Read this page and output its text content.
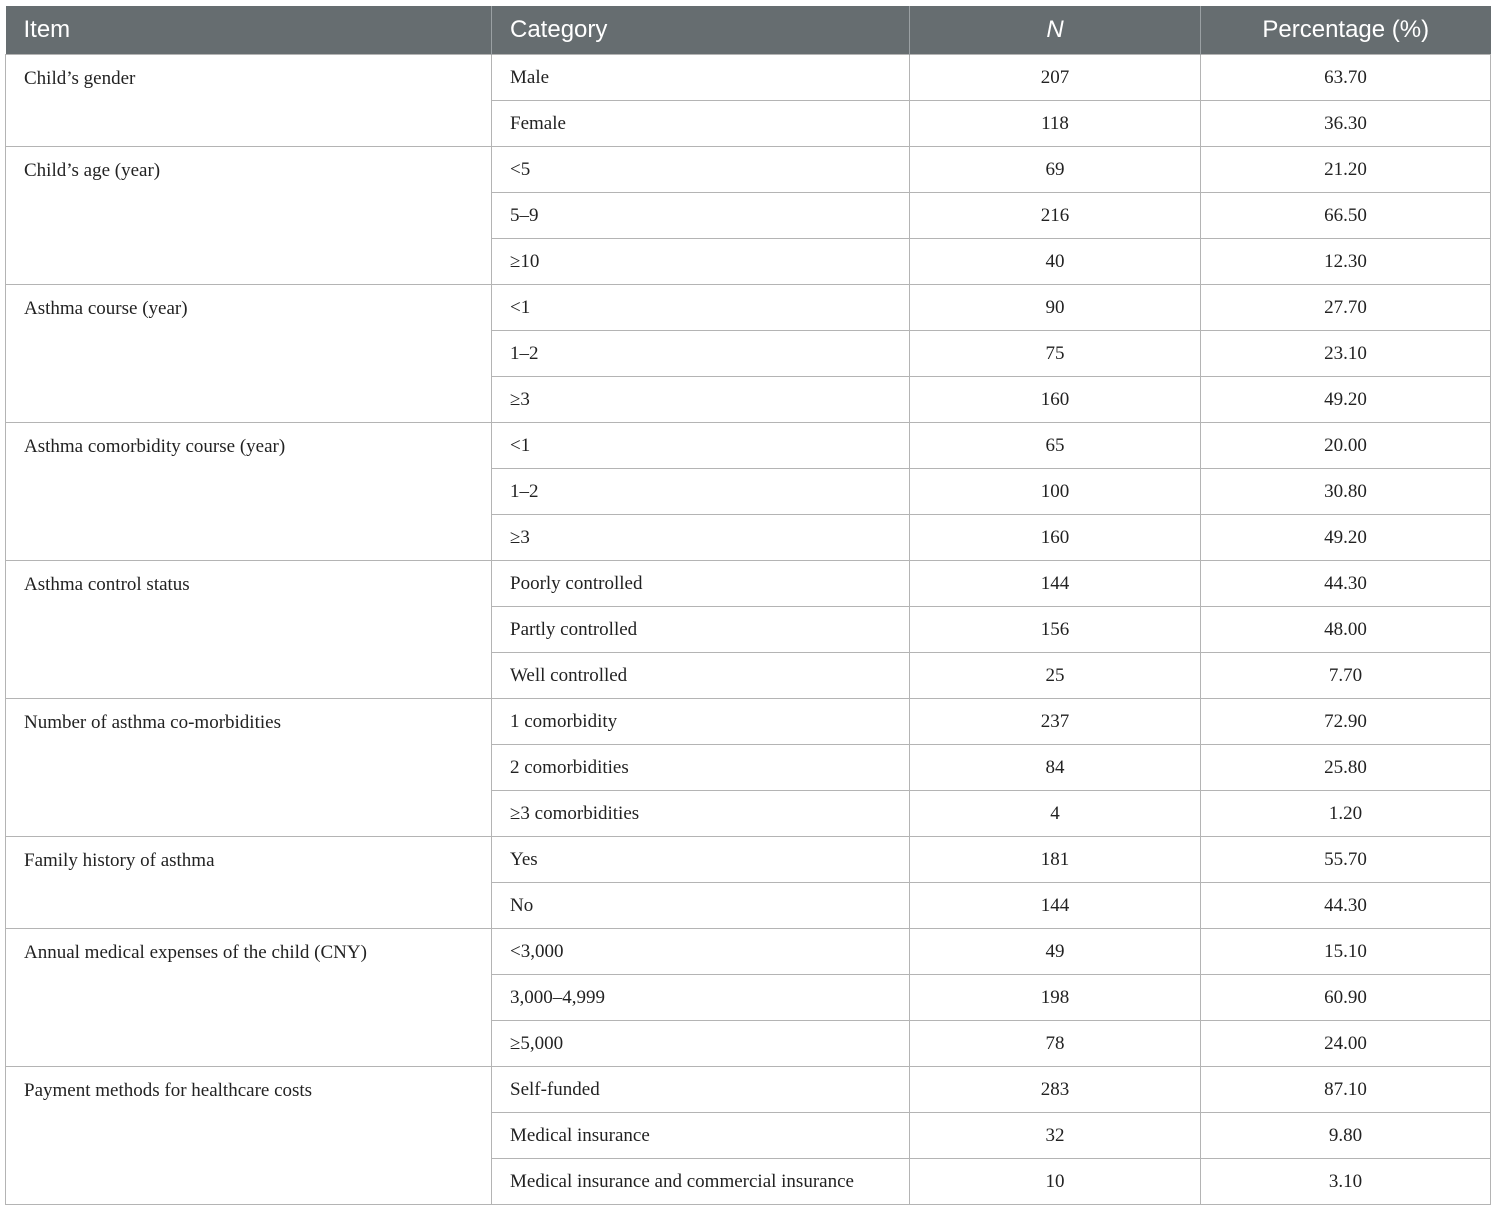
Item	Category	N	Percentage (%)
Child’s gender	Male	207	63.70
	Female	118	36.30
Child’s age (year)	<5	69	21.20
	5–9	216	66.50
	≥10	40	12.30
Asthma course (year)	<1	90	27.70
	1–2	75	23.10
	≥3	160	49.20
Asthma comorbidity course (year)	<1	65	20.00
	1–2	100	30.80
	≥3	160	49.20
Asthma control status	Poorly controlled	144	44.30
	Partly controlled	156	48.00
	Well controlled	25	7.70
Number of asthma co-morbidities	1 comorbidity	237	72.90
	2 comorbidities	84	25.80
	≥3 comorbidities	4	1.20
Family history of asthma	Yes	181	55.70
	No	144	44.30
Annual medical expenses of the child (CNY)	<3,000	49	15.10
	3,000–4,999	198	60.90
	≥5,000	78	24.00
Payment methods for healthcare costs	Self-funded	283	87.10
	Medical insurance	32	9.80
	Medical insurance and commercial insurance	10	3.10
